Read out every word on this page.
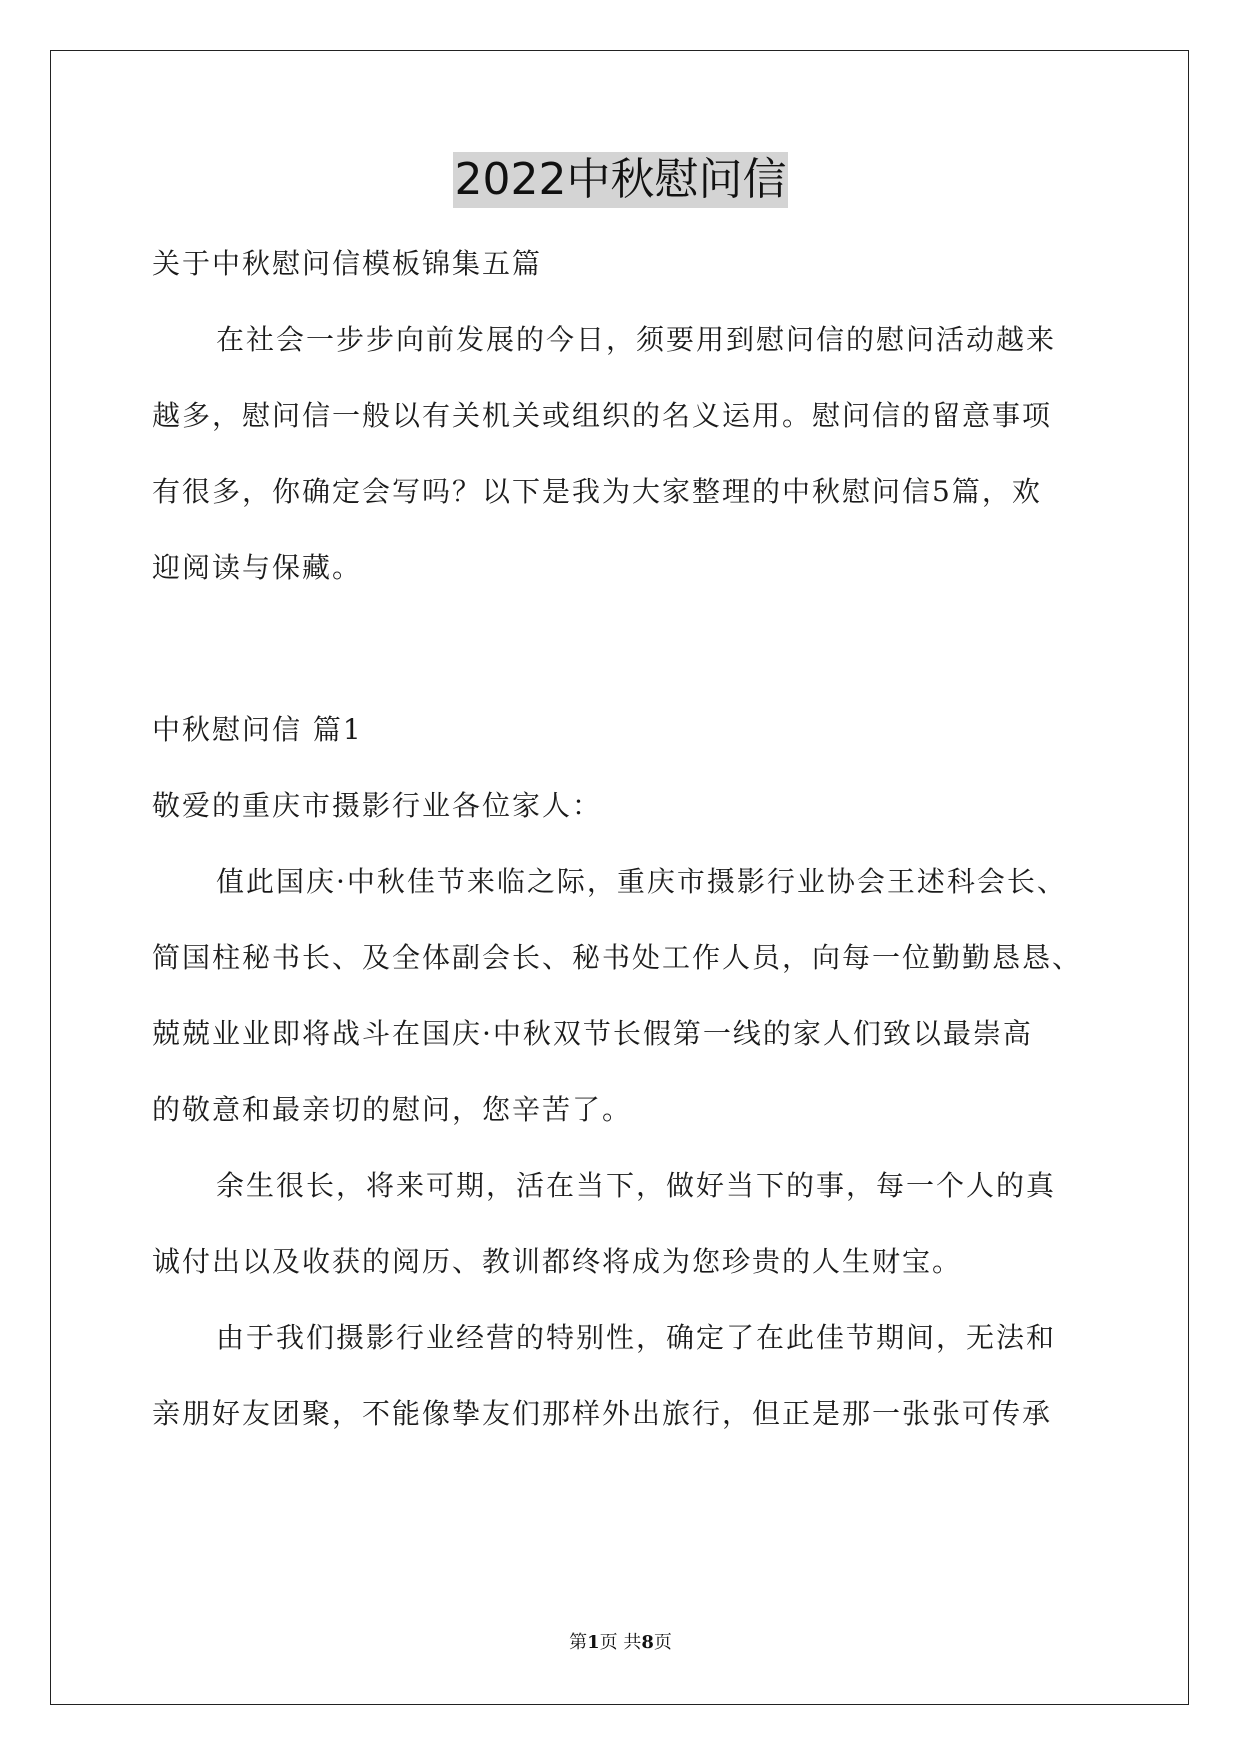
2022中秋慰问信
关于中秋慰问信模板锦集五篇
在社会一步步向前发展的今日，须要用到慰问信的慰问活动越来
越多，慰问信一般以有关机关或组织的名义运用。慰问信的留意事项
有很多，你确定会写吗？以下是我为大家整理的中秋慰问信5篇，欢
迎阅读与保藏。
中秋慰问信 篇1
敬爱的重庆市摄影行业各位家人：
值此国庆·中秋佳节来临之际，重庆市摄影行业协会王述科会长、
简国柱秘书长、及全体副会长、秘书处工作人员，向每一位勤勤恳恳、
兢兢业业即将战斗在国庆·中秋双节长假第一线的家人们致以最崇高
的敬意和最亲切的慰问，您辛苦了。
余生很长，将来可期，活在当下，做好当下的事，每一个人的真
诚付出以及收获的阅历、教训都终将成为您珍贵的人生财宝。
由于我们摄影行业经营的特别性，确定了在此佳节期间，无法和
亲朋好友团聚，不能像挚友们那样外出旅行，但正是那一张张可传承
第1页 共8页
